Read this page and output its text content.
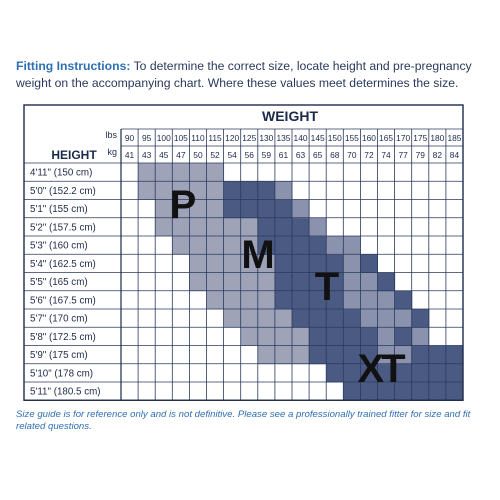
Fitting Instructions: To determine the correct size, locate height and pre-pregnancy weight on the accompanying chart. Where these values meet determines the size.
WEIGHT
HEIGHT
lbs
kg
90 95 100 105 110 115 120 125 130 135 140 145 150 155 160 165 170 175 180 185
41 43 45 47 50 52 54 56 59 61 63 65 68 70 72 74 77 79 82 84
4'11" (150 cm)
5'0" (152.2 cm)
5'1" (155 cm)
5'2" (157.5 cm)
5'3" (160 cm)
5'4" (162.5 cm)
5'5" (165 cm)
5'6" (167.5 cm)
5'7" (170 cm)
5'8" (172.5 cm)
5'9" (175 cm)
5'10" (178 cm)
5'11" (180.5 cm)
P
M
T
XT
Size guide is for reference only and is not definitive. Please see a professionally trained fitter for size and fit related questions.
